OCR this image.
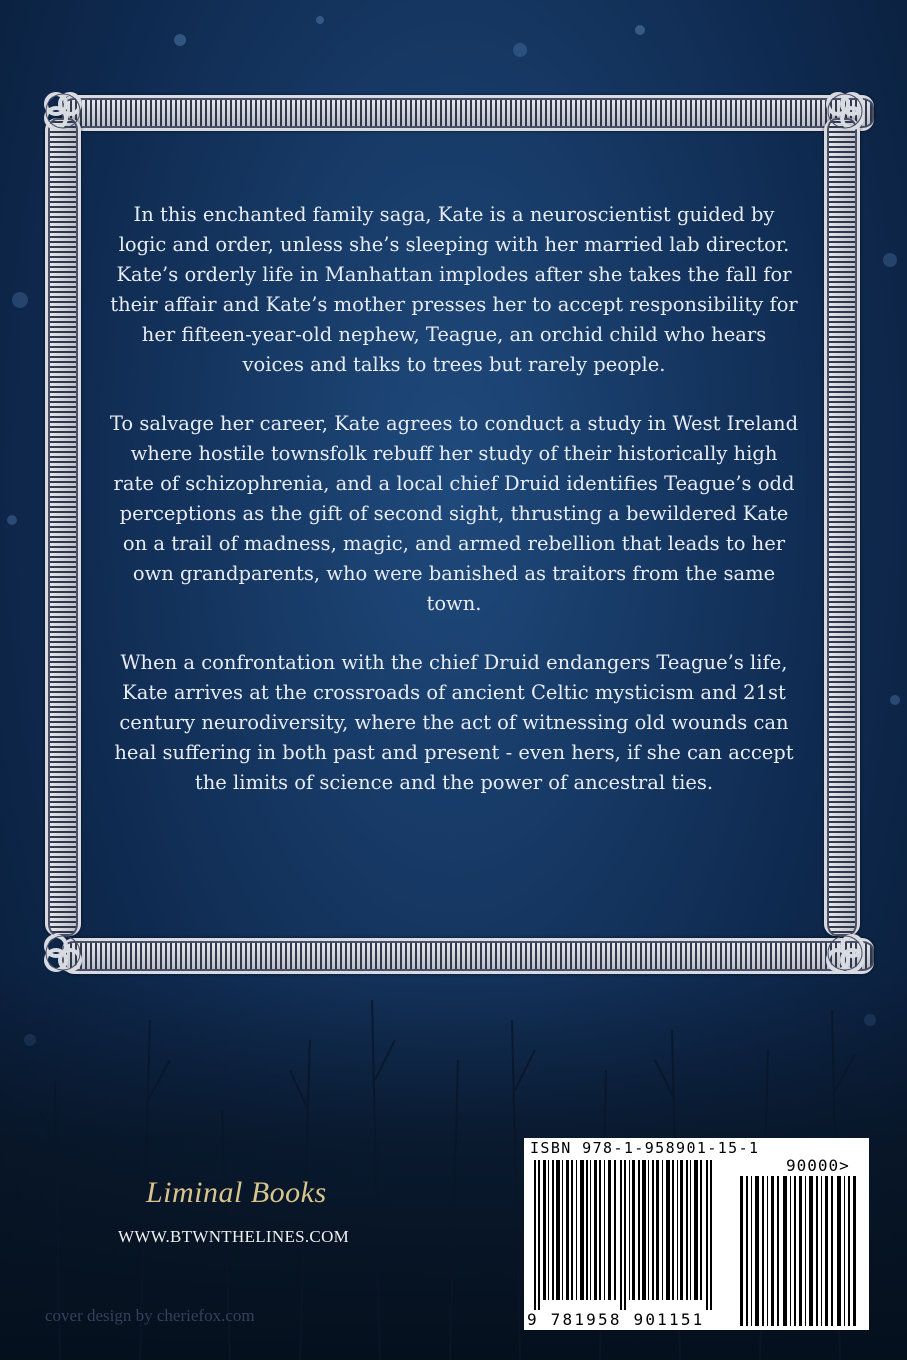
In this enchanted family saga, Kate is a neuroscientist guided by logic and order, unless she’s sleeping with her married lab director. Kate’s orderly life in Manhattan implodes after she takes the fall for their affair and Kate’s mother presses her to accept responsibility for her fifteen-year-old nephew, Teague, an orchid child who hears voices and talks to trees but rarely people.

To salvage her career, Kate agrees to conduct a study in West Ireland where hostile townsfolk rebuff her study of their historically high rate of schizophrenia, and a local chief Druid identifies Teague’s odd perceptions as the gift of second sight, thrusting a bewildered Kate on a trail of madness, magic, and armed rebellion that leads to her own grandparents, who were banished as traitors from the same town.

When a confrontation with the chief Druid endangers Teague’s life, Kate arrives at the crossroads of ancient Celtic mysticism and 21st century neurodiversity, where the act of witnessing old wounds can heal suffering in both past and present - even hers, if she can accept the limits of science and the power of ancestral ties.

Liminal Books
WWW.BTWNTHELINES.COM
cover design by cheriefox.com
ISBN 978-1-958901-15-1
90000>
9 781958 901151
